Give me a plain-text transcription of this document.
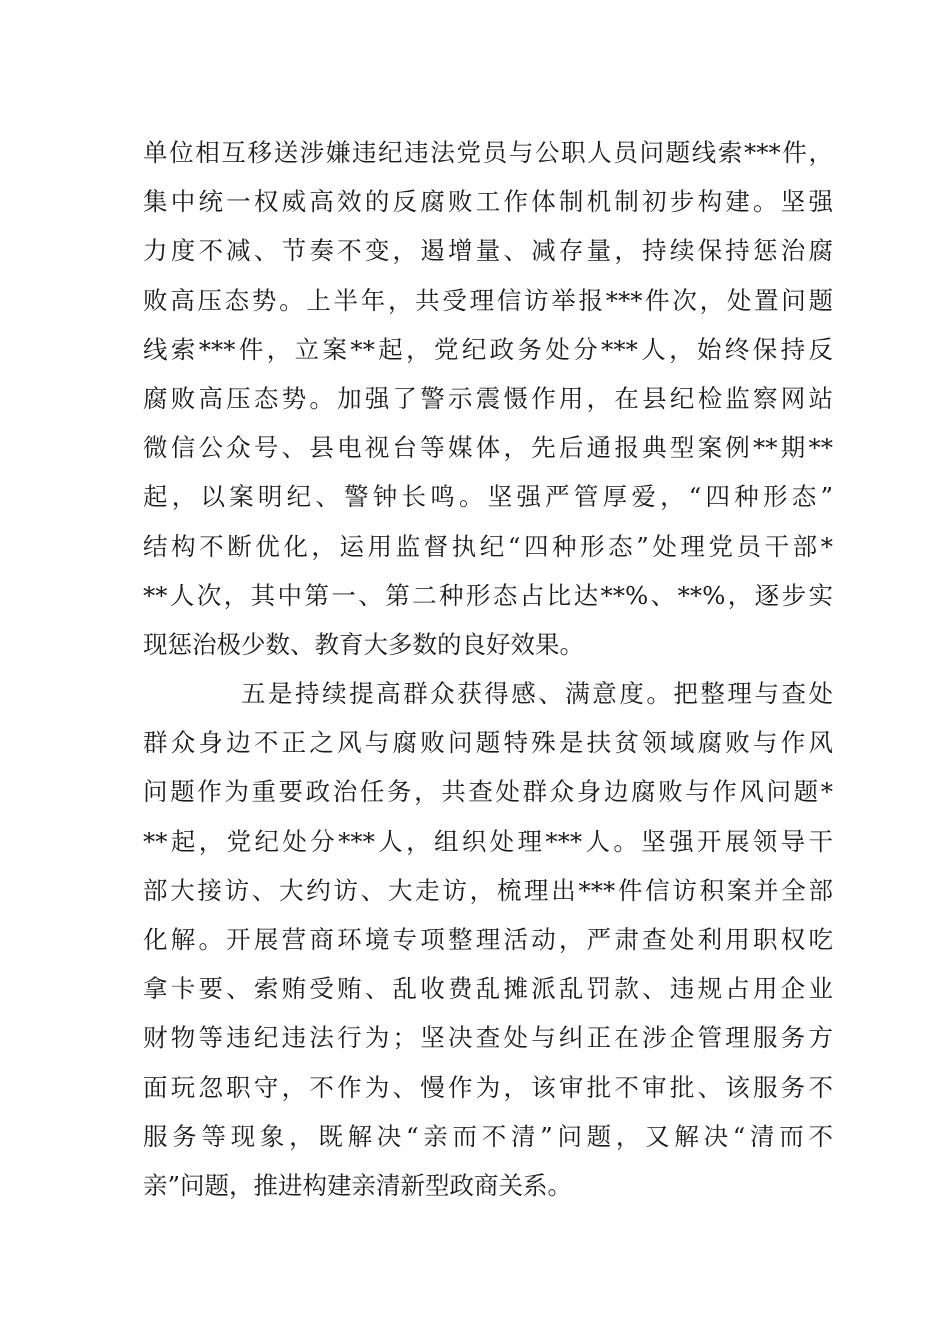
单位相互移送涉嫌违纪违法党员与公职人员问题线索***件，
集中统一权威高效的反腐败工作体制机制初步构建。坚强
力度不减、节奏不变，遏增量、减存量，持续保持惩治腐
败高压态势。上半年，共受理信访举报***件次，处置问题
线索***件，立案**起，党纪政务处分***人，始终保持反
腐败高压态势。加强了警示震慑作用，在县纪检监察网站
微信公众号、县电视台等媒体，先后通报典型案例**期**
起，以案明纪、警钟长鸣。坚强严管厚爱，“四种形态”
结构不断优化，运用监督执纪“四种形态”处理党员干部*
**人次，其中第一、第二种形态占比达**%、**%，逐步实
现惩治极少数、教育大多数的良好效果。
五是持续提高群众获得感、满意度。把整理与查处
群众身边不正之风与腐败问题特殊是扶贫领域腐败与作风
问题作为重要政治任务，共查处群众身边腐败与作风问题*
**起，党纪处分***人，组织处理***人。坚强开展领导干
部大接访、大约访、大走访，梳理出***件信访积案并全部
化解。开展营商环境专项整理活动，严肃查处利用职权吃
拿卡要、索贿受贿、乱收费乱摊派乱罚款、违规占用企业
财物等违纪违法行为；坚决查处与纠正在涉企管理服务方
面玩忽职守，不作为、慢作为，该审批不审批、该服务不
服务等现象，既解决“亲而不清”问题，又解决“清而不
亲”问题，推进构建亲清新型政商关系。
